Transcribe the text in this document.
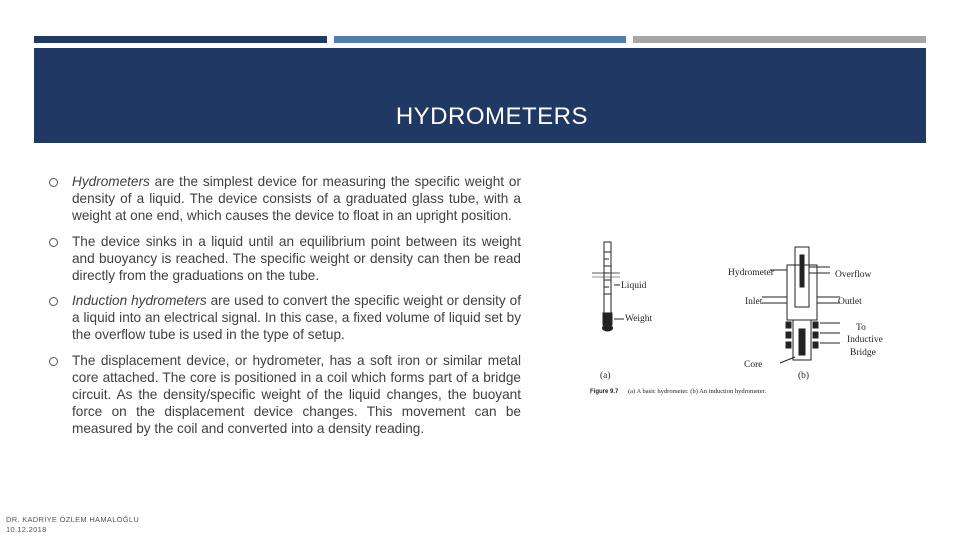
HYDROMETERS
Hydrometers are the simplest device for measuring the specific weight or density of a liquid. The device consists of a graduated glass tube, with a weight at one end, which causes the device to float in an upright position.
The device sinks in a liquid until an equilibrium point between its weight and buoyancy is reached. The specific weight or density can then be read directly from the graduations on the tube.
Induction hydrometers are used to convert the specific weight or density of a liquid into an electrical signal. In this case, a fixed volume of liquid set by the overflow tube is used in the type of setup.
The displacement device, or hydrometer, has a soft iron or similar metal core attached. The core is positioned in a coil which forms part of a bridge circuit. As the density/specific weight of the liquid changes, the buoyant force on the displacement device changes. This movement can be measured by the coil and converted into a density reading.
Liquid
Weight
(a)
Hydrometer	Overflow
Inlet	Outlet
To
Inductive
Bridge
Core
(b)
Figure 9.7 (a) A basic hydrometer. (b) An induction hydrometer.
DR. KADRİYE ÖZLEM HAMALOĞLU
10.12.2018
